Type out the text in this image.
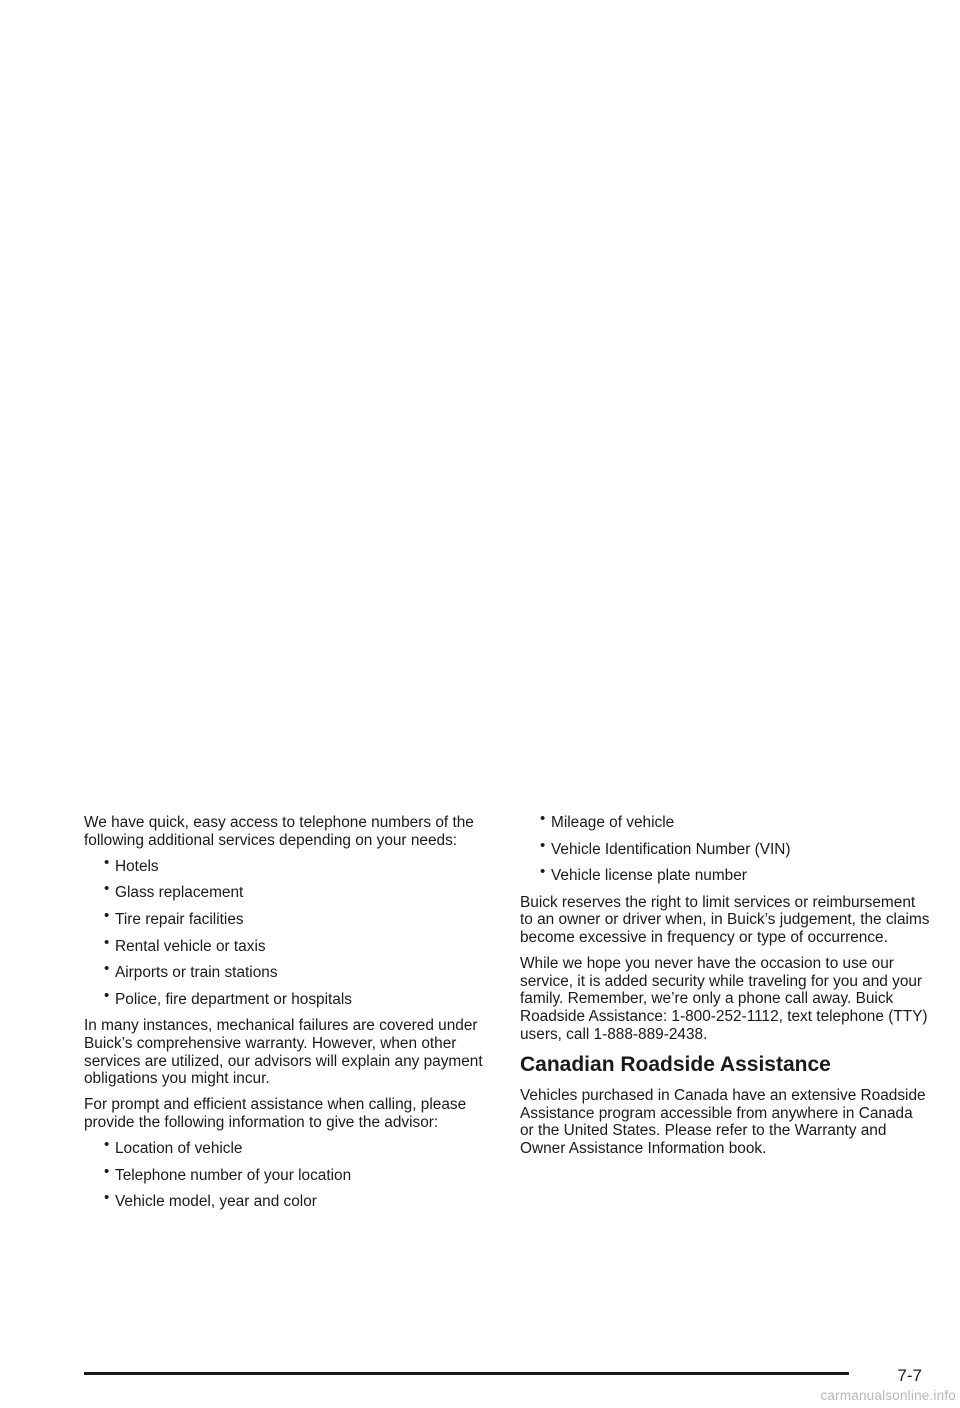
We have quick, easy access to telephone numbers of the following additional services depending on your needs:

• Hotels
• Glass replacement
• Tire repair facilities
• Rental vehicle or taxis
• Airports or train stations
• Police, fire department or hospitals

In many instances, mechanical failures are covered under Buick’s comprehensive warranty. However, when other services are utilized, our advisors will explain any payment obligations you might incur.

For prompt and efficient assistance when calling, please provide the following information to give the advisor:

• Location of vehicle
• Telephone number of your location
• Vehicle model, year and color
• Mileage of vehicle
• Vehicle Identification Number (VIN)
• Vehicle license plate number

Buick reserves the right to limit services or reimbursement to an owner or driver when, in Buick’s judgement, the claims become excessive in frequency or type of occurrence.

While we hope you never have the occasion to use our service, it is added security while traveling for you and your family. Remember, we’re only a phone call away. Buick Roadside Assistance: 1-800-252-1112, text telephone (TTY) users, call 1-888-889-2438.

Canadian Roadside Assistance

Vehicles purchased in Canada have an extensive Roadside Assistance program accessible from anywhere in Canada or the United States. Please refer to the Warranty and Owner Assistance Information book.

7-7
carmanualsonline.info
